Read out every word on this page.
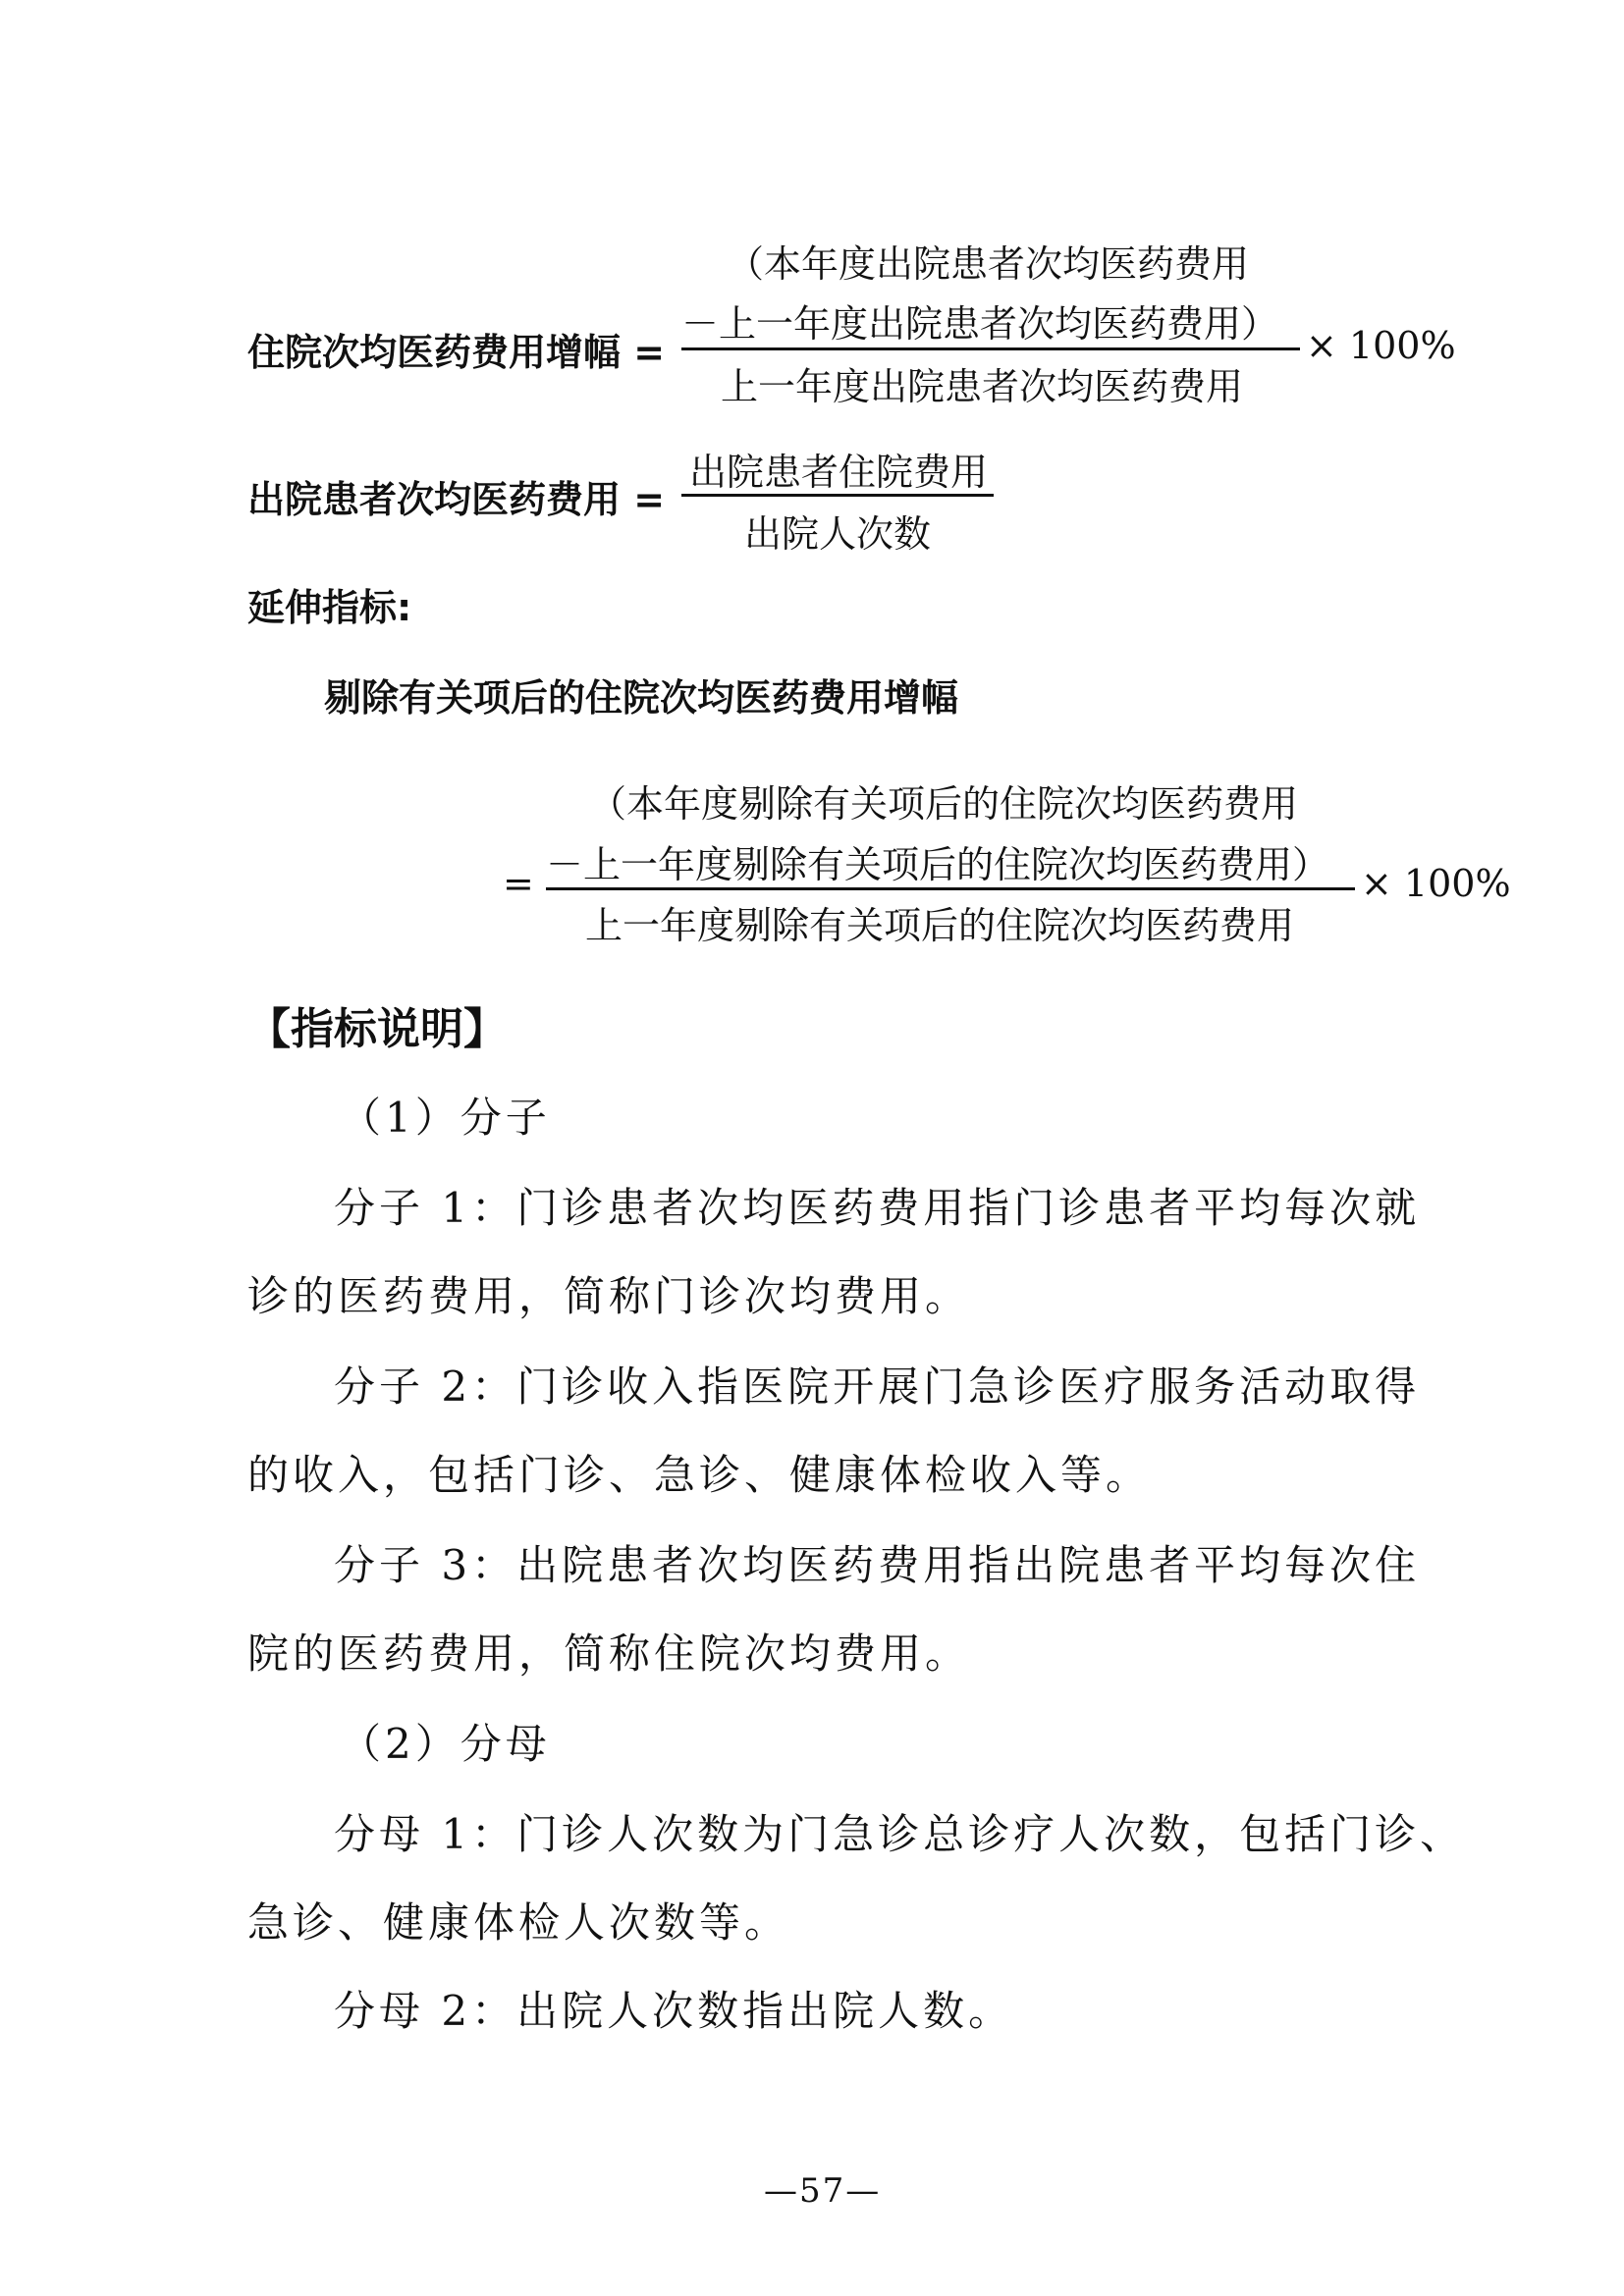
（本年度出院患者次均医药费用
－上一年度出院患者次均医药费用）
上一年度出院患者次均医药费用
住院次均医药费用增幅 =	× 100%
出院患者住院费用
出院人次数
出院患者次均医药费用 =
延伸指标:
剔除有关项后的住院次均医药费用增幅
（本年度剔除有关项后的住院次均医药费用
－上一年度剔除有关项后的住院次均医药费用）
上一年度剔除有关项后的住院次均医药费用
=	× 100%
【指标说明】
（1）分子
分子 1：门诊患者次均医药费用指门诊患者平均每次就
诊的医药费用，简称门诊次均费用。
分子 2：门诊收入指医院开展门急诊医疗服务活动取得
的收入，包括门诊、急诊、健康体检收入等。
分子 3：出院患者次均医药费用指出院患者平均每次住
院的医药费用，简称住院次均费用。
（2）分母
分母 1：门诊人次数为门急诊总诊疗人次数，包括门诊、
急诊、健康体检人次数等。
分母 2：出院人次数指出院人数。
—57—
